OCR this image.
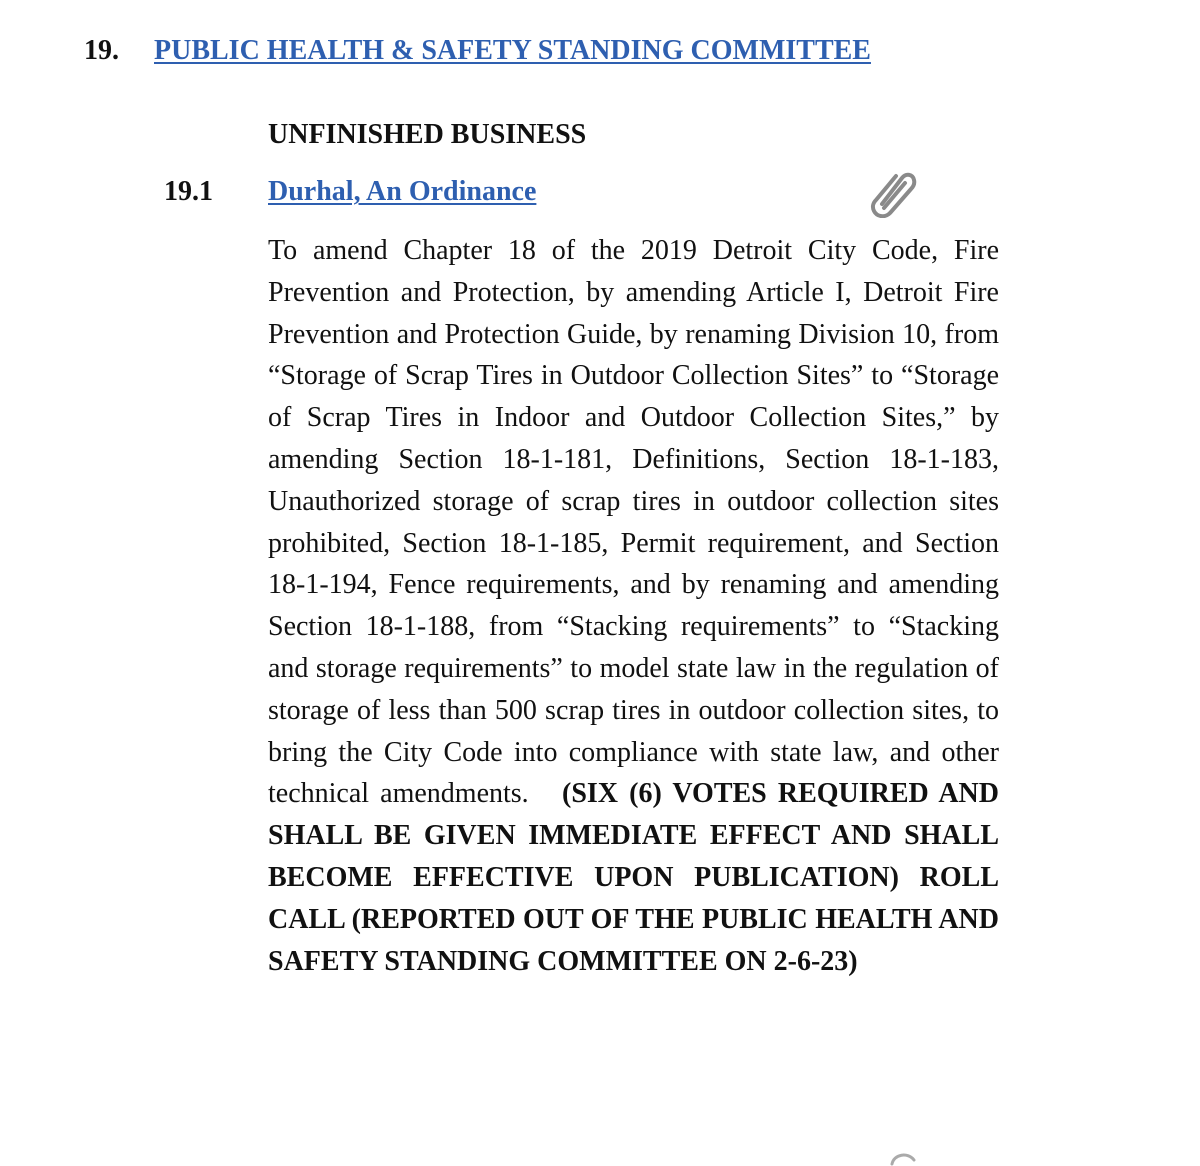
19. PUBLIC HEALTH & SAFETY STANDING COMMITTEE
UNFINISHED BUSINESS
19.1 Durhal, An Ordinance

To amend Chapter 18 of the 2019 Detroit City Code, Fire Prevention and Protection, by amending Article I, Detroit Fire Prevention and Protection Guide, by renaming Division 10, from “Storage of Scrap Tires in Outdoor Collection Sites” to “Storage of Scrap Tires in Indoor and Outdoor Collection Sites,” by amending Section 18-1-181, Definitions, Section 18-1-183, Unauthorized storage of scrap tires in outdoor collection sites prohibited, Section 18-1-185, Permit requirement, and Section 18-1-194, Fence requirements, and by renaming and amending Section 18-1-188, from “Stacking requirements” to “Stacking and storage requirements” to model state law in the regulation of storage of less than 500 scrap tires in outdoor collection sites, to bring the City Code into compliance with state law, and other technical amendments. (SIX (6) VOTES REQUIRED AND SHALL BE GIVEN IMMEDIATE EFFECT AND SHALL BECOME EFFECTIVE UPON PUBLICATION) ROLL CALL (REPORTED OUT OF THE PUBLIC HEALTH AND SAFETY STANDING COMMITTEE ON 2-6-23)
